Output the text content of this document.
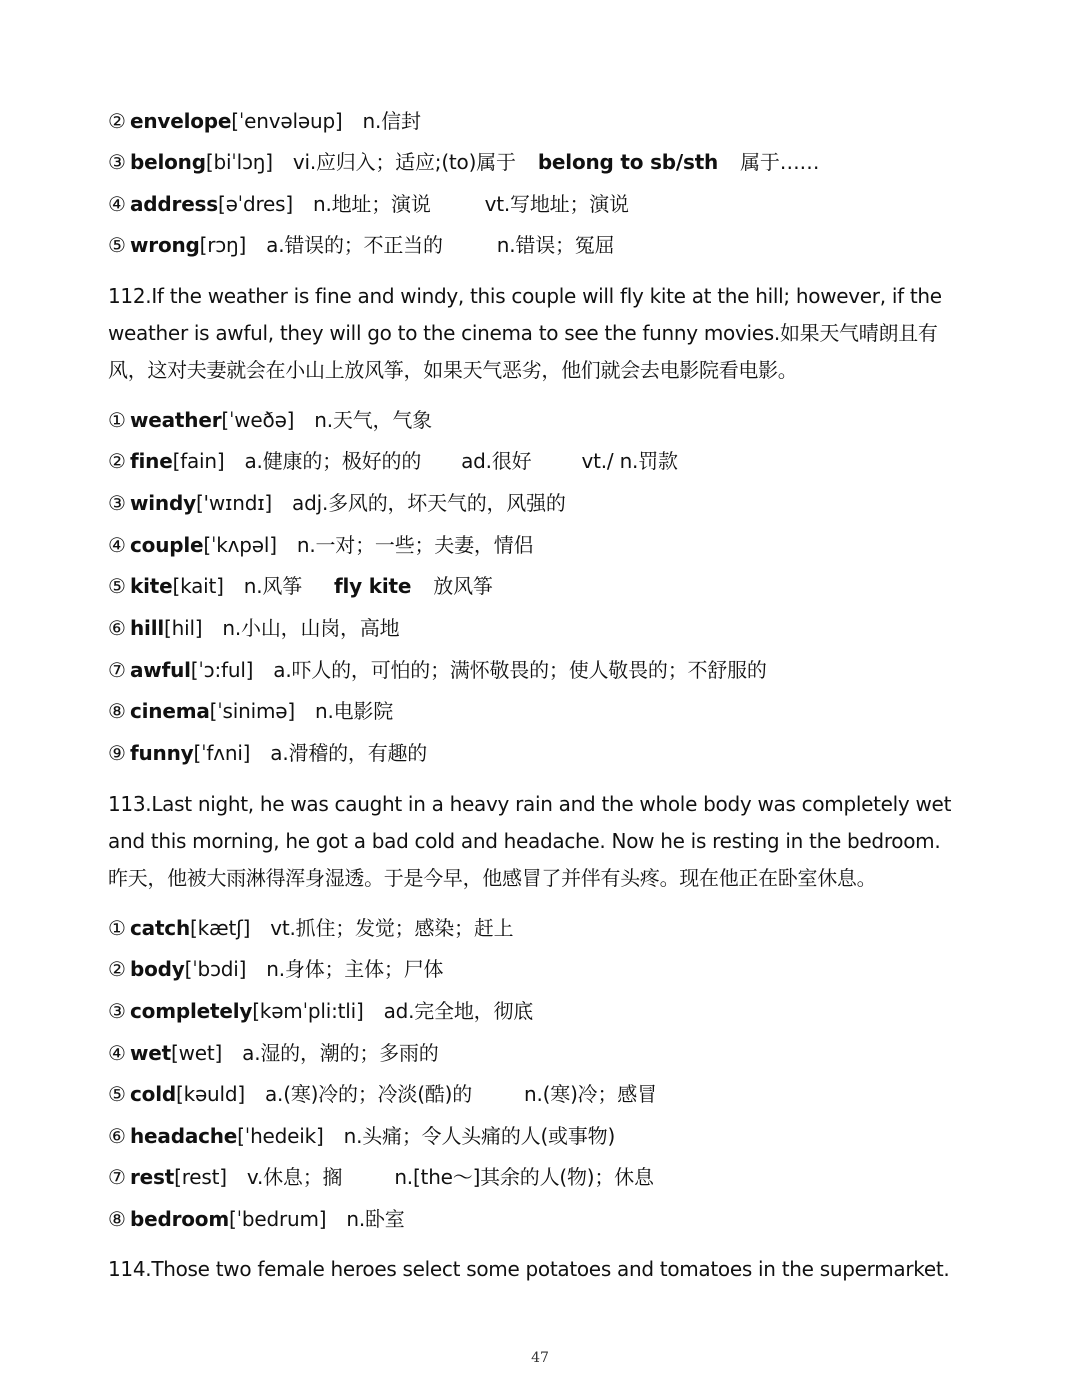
② envelope[ˈenvələup] n.信封
③ belong[biˈlɔŋ] vi.应归入；适应;(to)属于 belong to sb/sth 属于……
④ address[əˈdres] n.地址；演说	vt.写地址；演说
⑤ wrong[rɔŋ] a.错误的；不正当的	n.错误；冤屈
112.If the weather is fine and windy, this couple will fly kite at the hill; however, if the
weather is awful, they will go to the cinema to see the funny movies.如果天气晴朗且有
风，这对夫妻就会在小山上放风筝，如果天气恶劣，他们就会去电影院看电影。
① weather[ˈweðə] n.天气，气象
② fine[fain] a.健康的；极好的的 ad.很好	vt./ n.罚款
③ windy['wɪndɪ] adj.多风的，坏天气的，风强的
④ couple[ˈkʌpəl] n.一对；一些；夫妻，情侣
⑤ kite[kait] n.风筝 fly kite 放风筝
⑥ hill[hil] n.小山，山岗，高地
⑦ awful[ˈɔ:ful] a.吓人的，可怕的；满怀敬畏的；使人敬畏的；不舒服的
⑧ cinema[ˈsinimə] n.电影院
⑨ funny[ˈfʌni] a.滑稽的，有趣的
113.Last night, he was caught in a heavy rain and the whole body was completely wet
and this morning, he got a bad cold and headache. Now he is resting in the bedroom.
昨天，他被大雨淋得浑身湿透。于是今早，他感冒了并伴有头疼。现在他正在卧室休息。
① catch[kætʃ] vt.抓住；发觉；感染；赶上
② body[ˈbɔdi] n.身体；主体；尸体
③ completely[kəmˈpli:tli] ad.完全地，彻底
④ wet[wet] a.湿的，潮的；多雨的
⑤ cold[kəuld] a.(寒)冷的；冷淡(酷)的	n.(寒)冷；感冒
⑥ headache[ˈhedeik] n.头痛；令人头痛的人(或事物)
⑦ rest[rest] v.休息；搁	n.[the～]其余的人(物)；休息
⑧ bedroom[ˈbedrum] n.卧室
114.Those two female heroes select some potatoes and tomatoes in the supermarket.
47
